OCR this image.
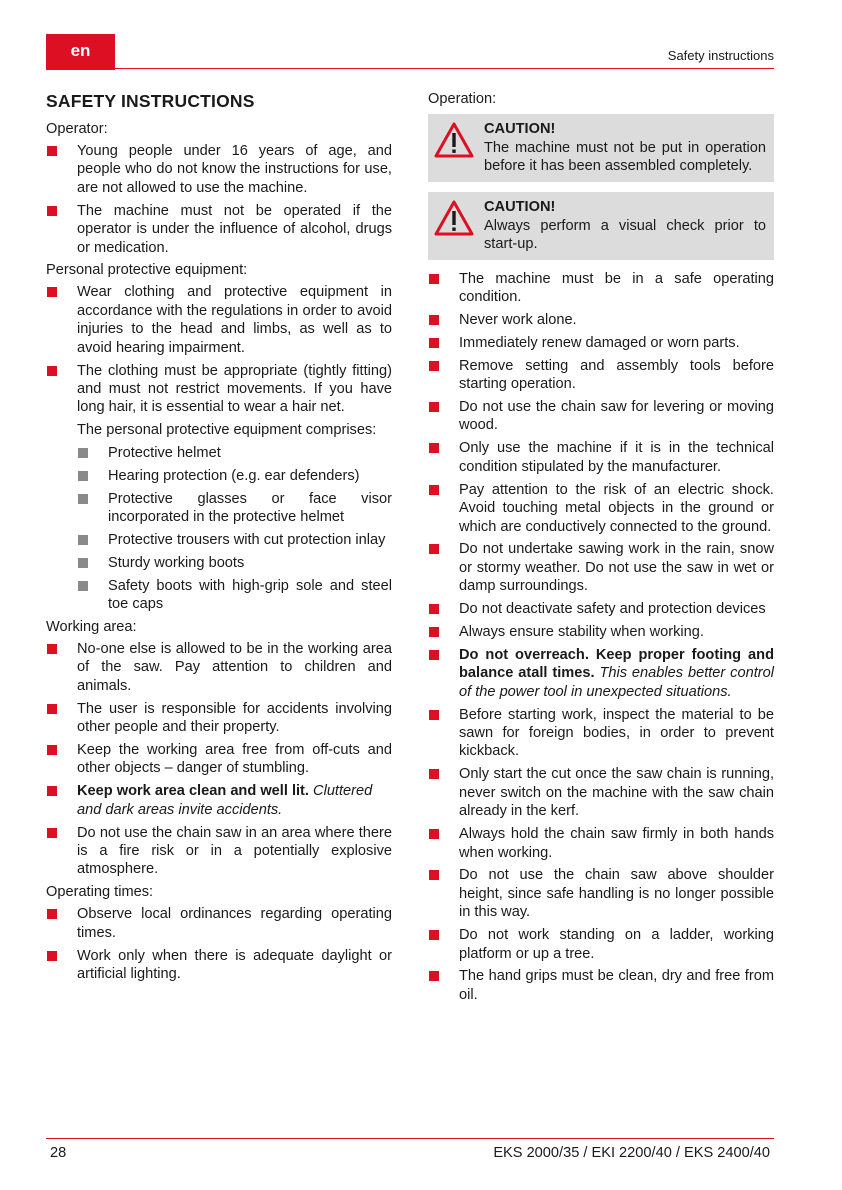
en	Safety instructions
SAFETY INSTRUCTIONS
Operator:
Young people under 16 years of age, and people who do not know the instructions for use, are not allowed to use the machine.
The machine must not be operated if the operator is under the influence of alcohol, drugs or medication.
Personal protective equipment:
Wear clothing and protective equipment in accordance with the regulations in order to avoid injuries to the head and limbs, as well as to avoid hearing impairment.
The clothing must be appropriate (tightly fitting) and must not restrict movements. If you have long hair, it is essential to wear a hair net.
The personal protective equipment comprises:
Protective helmet
Hearing protection (e.g. ear defenders)
Protective glasses or face visor incorporated in the protective helmet
Protective trousers with cut protection inlay
Sturdy working boots
Safety boots with high-grip sole and steel toe caps
Working area:
No-one else is allowed to be in the working area of the saw. Pay attention to children and animals.
The user is responsible for accidents involving other people and their property.
Keep the working area free from off-cuts and other objects – danger of stumbling.
Keep work area clean and well lit. Cluttered and dark areas invite accidents.
Do not use the chain saw in an area where there is a fire risk or in a potentially explosive atmosphere.
Operating times:
Observe local ordinances regarding operating times.
Work only when there is adequate daylight or artificial lighting.
Operation:
CAUTION!
The machine must not be put in operation before it has been assembled completely.
CAUTION!
Always perform a visual check prior to start-up.
The machine must be in a safe operating condition.
Never work alone.
Immediately renew damaged or worn parts.
Remove setting and assembly tools before starting operation.
Do not use the chain saw for levering or moving wood.
Only use the machine if it is in the technical condition stipulated by the manufacturer.
Pay attention to the risk of an electric shock. Avoid touching metal objects in the ground or which are conductively connected to the ground.
Do not undertake sawing work in the rain, snow or stormy weather. Do not use the saw in wet or damp surroundings.
Do not deactivate safety and protection devices
Always ensure stability when working.
Do not overreach. Keep proper footing and balance atall times. This enables better control of the power tool in unexpected situations.
Before starting work, inspect the material to be sawn for foreign bodies, in order to prevent kickback.
Only start the cut once the saw chain is running, never switch on the machine with the saw chain already in the kerf.
Always hold the chain saw firmly in both hands when working.
Do not use the chain saw above shoulder height, since safe handling is no longer possible in this way.
Do not work standing on a ladder, working platform or up a tree.
The hand grips must be clean, dry and free from oil.
28	EKS 2000/35 / EKI 2200/40 / EKS 2400/40
